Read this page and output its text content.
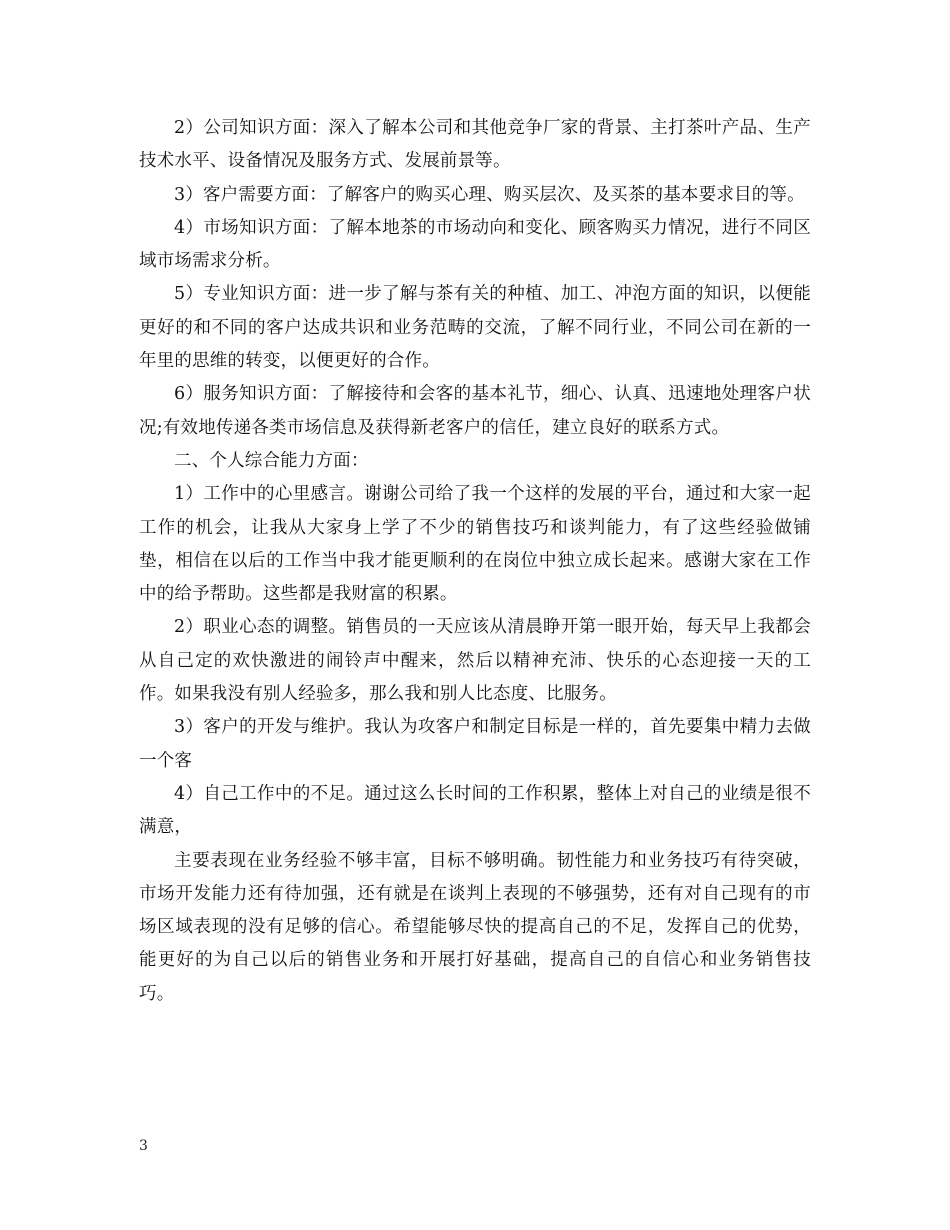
2）公司知识方面：深入了解本公司和其他竞争厂家的背景、主打茶叶产品、生产技术水平、设备情况及服务方式、发展前景等。

3）客户需要方面：了解客户的购买心理、购买层次、及买茶的基本要求目的等。

4）市场知识方面：了解本地茶的市场动向和变化、顾客购买力情况，进行不同区域市场需求分析。

5）专业知识方面：进一步了解与茶有关的种植、加工、冲泡方面的知识，以便能更好的和不同的客户达成共识和业务范畴的交流，了解不同行业，不同公司在新的一年里的思维的转变，以便更好的合作。

6）服务知识方面：了解接待和会客的基本礼节，细心、认真、迅速地处理客户状况;有效地传递各类市场信息及获得新老客户的信任，建立良好的联系方式。

二、个人综合能力方面：

1）工作中的心里感言。谢谢公司给了我一个这样的发展的平台，通过和大家一起工作的机会，让我从大家身上学了不少的销售技巧和谈判能力，有了这些经验做铺垫，相信在以后的工作当中我才能更顺利的在岗位中独立成长起来。感谢大家在工作中的给予帮助。这些都是我财富的积累。

2）职业心态的调整。销售员的一天应该从清晨睁开第一眼开始，每天早上我都会从自己定的欢快激进的闹铃声中醒来，然后以精神充沛、快乐的心态迎接一天的工作。如果我没有别人经验多，那么我和别人比态度、比服务。

3）客户的开发与维护。我认为攻客户和制定目标是一样的，首先要集中精力去做一个客

4）自己工作中的不足。通过这么长时间的工作积累，整体上对自己的业绩是很不满意，

主要表现在业务经验不够丰富，目标不够明确。韧性能力和业务技巧有待突破，市场开发能力还有待加强，还有就是在谈判上表现的不够强势，还有对自己现有的市场区域表现的没有足够的信心。希望能够尽快的提高自己的不足，发挥自己的优势，能更好的为自己以后的销售业务和开展打好基础，提高自己的自信心和业务销售技巧。

3
